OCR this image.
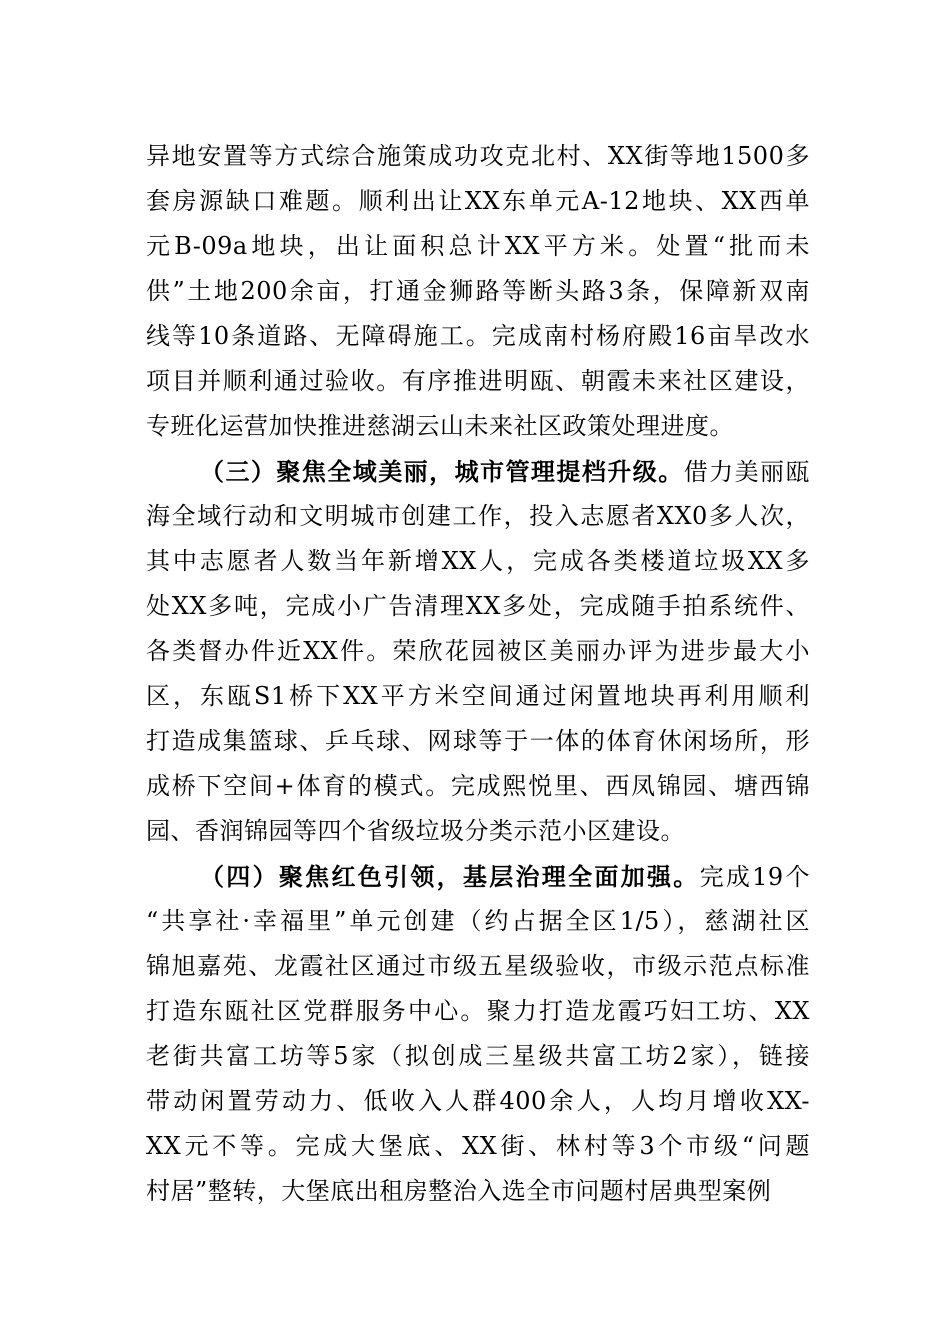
异地安置等方式综合施策成功攻克北村、XX街等地1500多
套房源缺口难题。顺利出让XX东单元A-12地块、XX西单
元B-09a地块，出让面积总计XX平方米。处置“批而未
供”土地200余亩，打通金狮路等断头路3条，保障新双南
线等10条道路、无障碍施工。完成南村杨府殿16亩旱改水
项目并顺利通过验收。有序推进明瓯、朝霞未来社区建设，
专班化运营加快推进慈湖云山未来社区政策处理进度。
（三）聚焦全域美丽，城市管理提档升级。借力美丽瓯
海全域行动和文明城市创建工作，投入志愿者XX0多人次，
其中志愿者人数当年新增XX人，完成各类楼道垃圾XX多
处XX多吨，完成小广告清理XX多处，完成随手拍系统件、
各类督办件近XX件。荣欣花园被区美丽办评为进步最大小
区，东瓯S1桥下XX平方米空间通过闲置地块再利用顺利
打造成集篮球、乒乓球、网球等于一体的体育休闲场所，形
成桥下空间+体育的模式。完成熙悦里、西凤锦园、塘西锦
园、香润锦园等四个省级垃圾分类示范小区建设。
（四）聚焦红色引领，基层治理全面加强。完成19个
“共享社·幸福里”单元创建（约占据全区1/5），慈湖社区
锦旭嘉苑、龙霞社区通过市级五星级验收，市级示范点标准
打造东瓯社区党群服务中心。聚力打造龙霞巧妇工坊、XX
老街共富工坊等5家（拟创成三星级共富工坊2家），链接
带动闲置劳动力、低收入人群400余人，人均月增收XX-
XX元不等。完成大堡底、XX街、林村等3个市级“问题
村居”整转，大堡底出租房整治入选全市问题村居典型案例
